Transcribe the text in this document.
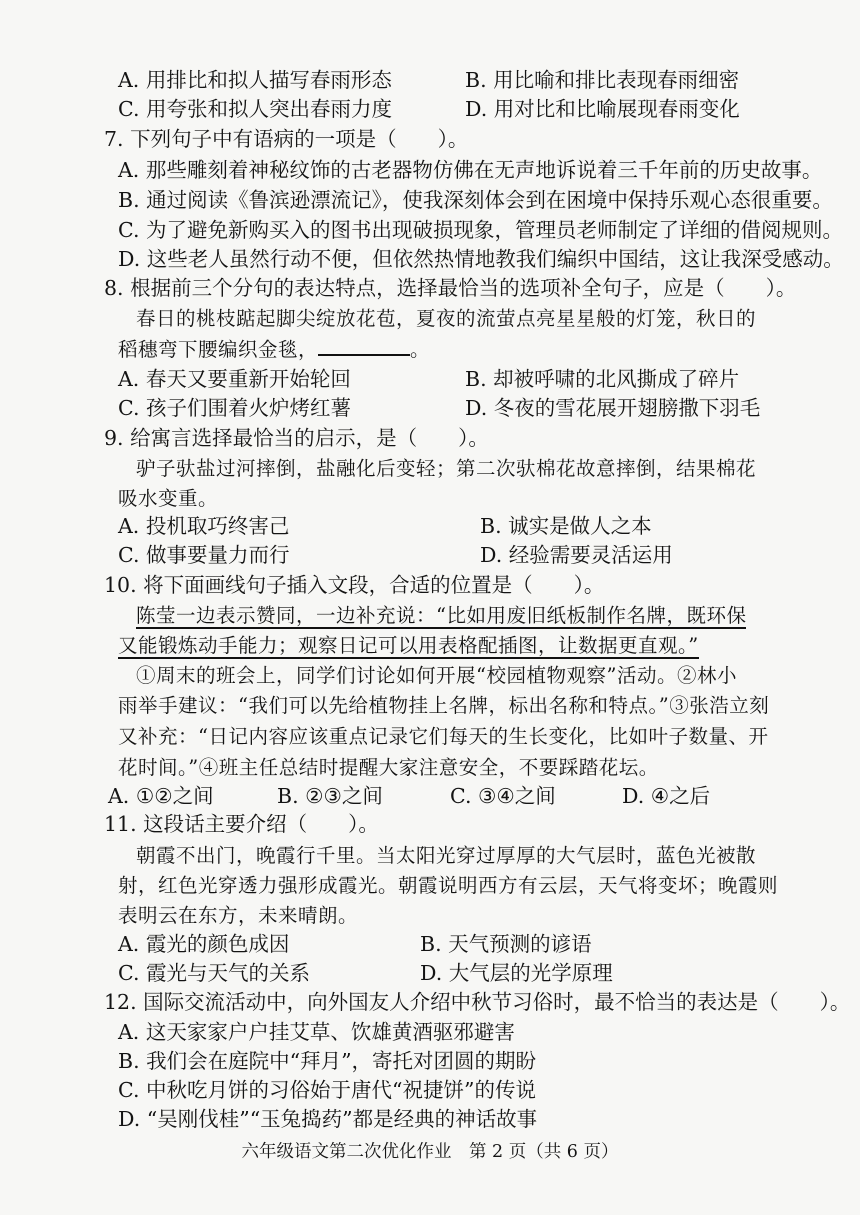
A. 用排比和拟人描写春雨形态	B. 用比喻和排比表现春雨细密
C. 用夸张和拟人突出春雨力度	D. 用对比和比喻展现春雨变化
7. 下列句子中有语病的一项是（　　）。
A. 那些雕刻着神秘纹饰的古老器物仿佛在无声地诉说着三千年前的历史故事。
B. 通过阅读《鲁滨逊漂流记》，使我深刻体会到在困境中保持乐观心态很重要。
C. 为了避免新购买入的图书出现破损现象，管理员老师制定了详细的借阅规则。
D. 这些老人虽然行动不便，但依然热情地教我们编织中国结，这让我深受感动。
8. 根据前三个分句的表达特点，选择最恰当的选项补全句子，应是（　　）。
春日的桃枝踮起脚尖绽放花苞，夏夜的流萤点亮星星般的灯笼，秋日的
稻穗弯下腰编织金毯，	。
A. 春天又要重新开始轮回	B. 却被呼啸的北风撕成了碎片
C. 孩子们围着火炉烤红薯	D. 冬夜的雪花展开翅膀撒下羽毛
9. 给寓言选择最恰当的启示，是（　　）。
驴子驮盐过河摔倒，盐融化后变轻；第二次驮棉花故意摔倒，结果棉花
吸水变重。
A. 投机取巧终害己	B. 诚实是做人之本
C. 做事要量力而行	D. 经验需要灵活运用
10. 将下面画线句子插入文段，合适的位置是（　　）。
陈莹一边表示赞同，一边补充说：“比如用废旧纸板制作名牌，既环保
又能锻炼动手能力；观察日记可以用表格配插图，让数据更直观。”
①周末的班会上，同学们讨论如何开展“校园植物观察”活动。②林小
雨举手建议：“我们可以先给植物挂上名牌，标出名称和特点。”③张浩立刻
又补充：“日记内容应该重点记录它们每天的生长变化，比如叶子数量、开
花时间。”④班主任总结时提醒大家注意安全，不要踩踏花坛。
A. ①②之间	B. ②③之间	C. ③④之间	D. ④之后
11. 这段话主要介绍（　　）。
朝霞不出门，晚霞行千里。当太阳光穿过厚厚的大气层时，蓝色光被散
射，红色光穿透力强形成霞光。朝霞说明西方有云层，天气将变坏；晚霞则
表明云在东方，未来晴朗。
A. 霞光的颜色成因	B. 天气预测的谚语
C. 霞光与天气的关系	D. 大气层的光学原理
12. 国际交流活动中，向外国友人介绍中秋节习俗时，最不恰当的表达是（　　）。
A. 这天家家户户挂艾草、饮雄黄酒驱邪避害
B. 我们会在庭院中“拜月”，寄托对团圆的期盼
C. 中秋吃月饼的习俗始于唐代“祝捷饼”的传说
D. “吴刚伐桂”“玉兔捣药”都是经典的神话故事
六年级语文第二次优化作业　第 2 页（共 6 页）
